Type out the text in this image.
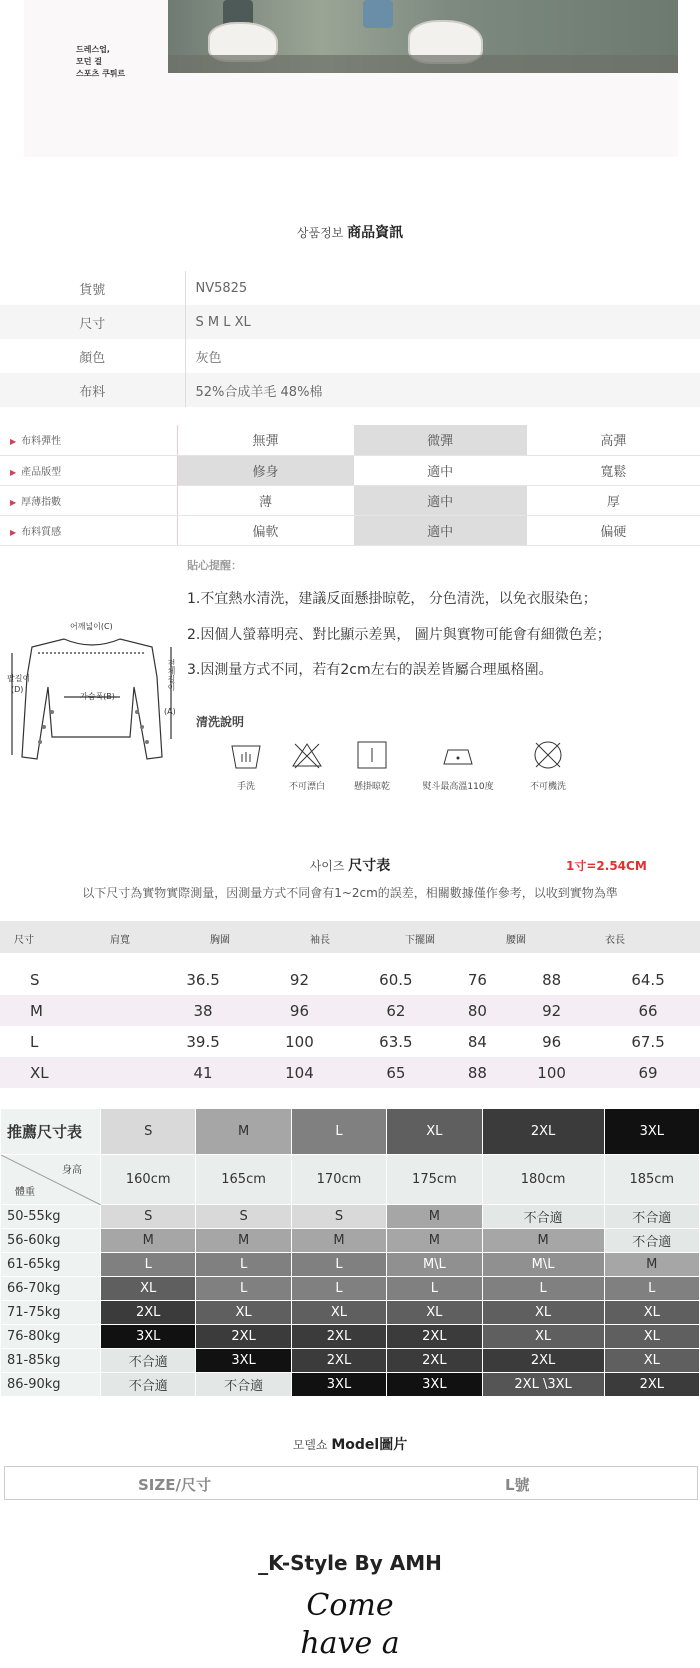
드레스업,
모던 걸
스포츠 쿠튀르
상품정보 商品資訊
貨號	NV5825
尺寸	S M L XL
顏色	灰色
布料	52%合成羊毛 48%棉
▶ 布料彈性	無彈	微彈	高彈
▶ 產品版型	修身	適中	寬鬆
▶ 厚薄指數	薄	適中	厚
▶ 布料質感	偏軟	適中	偏硬
貼心提醒：
1.不宜熱水清洗，建議反面懸掛晾乾， 分色清洗，以免衣服染色；
2.因個人螢幕明亮、對比顯示差異， 圖片與實物可能會有細微色差；
3.因測量方式不同，若有2cm左右的誤差皆屬合理風格圍。
어깨넓이(C)
가슴폭(B)
팔길이
(D)	전체길이
(A)
清洗說明
手洗	不可漂白	懸掛晾乾	熨斗最高溫110度	不可機洗
사이즈 尺寸表	1寸=2.54CM
以下尺寸為實物實際測量，因測量方式不同會有1~2cm的誤差，相關數據僅作參考，以收到實物為準
尺寸	肩寬	胸圍	袖長	下擺圍	腰圍	衣長
S	36.5	92	60.5	76	88	64.5
M	38	96	62	80	92	66
L	39.5	100	63.5	84	96	67.5
XL	41	104	65	88	100	69
推薦尺寸表	S	M	L	XL	2XL	3XL

身高
體重	160cm	165cm	170cm	175cm	180cm	185cm
50-55kg	S	S	S	M	不合適	不合適
56-60kg	M	M	M	M	M	不合適
61-65kg	L	L	L	M\L	M\L	M
66-70kg	XL	L	L	L	L	L
71-75kg	2XL	XL	XL	XL	XL	XL
76-80kg	3XL	2XL	2XL	2XL	XL	XL
81-85kg	不合適	3XL	2XL	2XL	2XL	XL
86-90kg	不合適	不合適	3XL	3XL	2XL \3XL	2XL
모델쇼 Model圖片
SIZE/尺寸	L號
_K-Style By AMH
Come
have a
